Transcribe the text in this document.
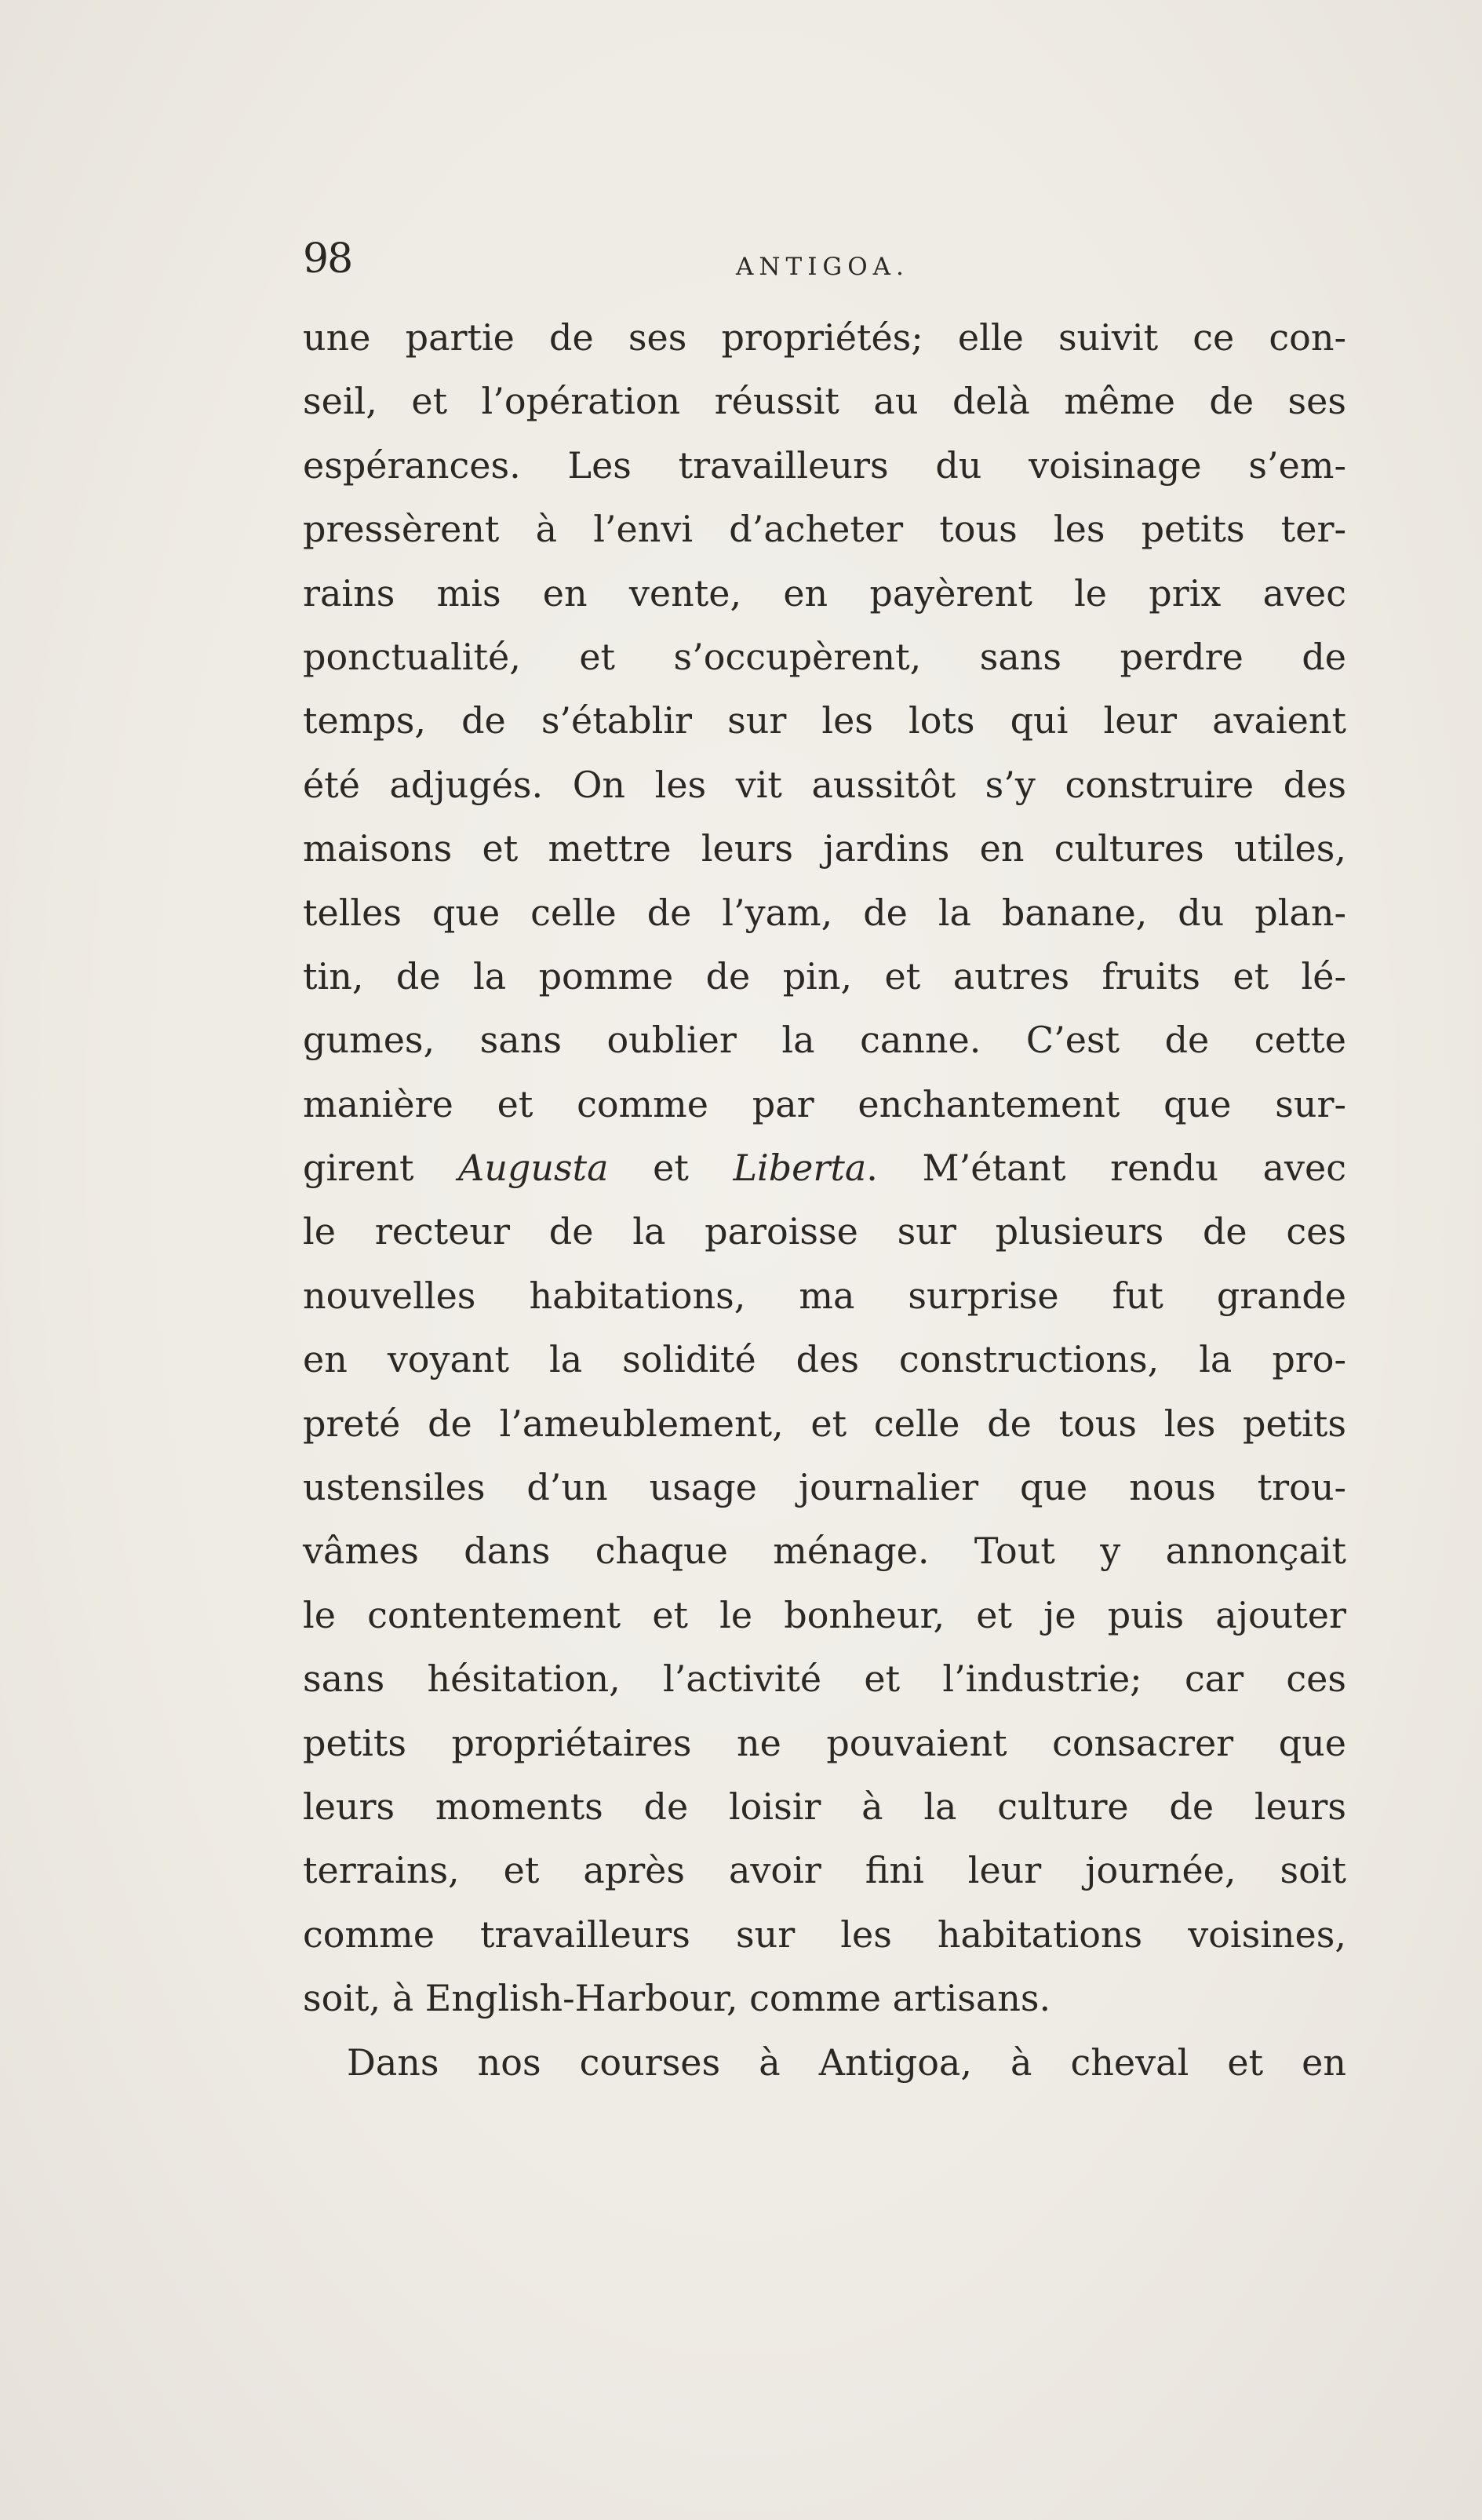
98	ANTIGOA.
une partie de ses propriétés; elle suivit ce con-
seil, et l’opération réussit au delà même de ses
espérances. Les travailleurs du voisinage s’em-
pressèrent à l’envi d’acheter tous les petits ter-
rains mis en vente, en payèrent le prix avec
ponctualité, et s’occupèrent, sans perdre de
temps, de s’établir sur les lots qui leur avaient
été adjugés. On les vit aussitôt s’y construire des
maisons et mettre leurs jardins en cultures utiles,
telles que celle de l’yam, de la banane, du plan-
tin, de la pomme de pin, et autres fruits et lé-
gumes, sans oublier la canne. C’est de cette
manière et comme par enchantement que sur-
girent Augusta et Liberta. M’étant rendu avec
le recteur de la paroisse sur plusieurs de ces
nouvelles habitations, ma surprise fut grande
en voyant la solidité des constructions, la pro-
preté de l’ameublement, et celle de tous les petits
ustensiles d’un usage journalier que nous trou-
vâmes dans chaque ménage. Tout y annonçait
le contentement et le bonheur, et je puis ajouter
sans hésitation, l’activité et l’industrie; car ces
petits propriétaires ne pouvaient consacrer que
leurs moments de loisir à la culture de leurs
terrains, et après avoir fini leur journée, soit
comme travailleurs sur les habitations voisines,
soit, à English-Harbour, comme artisans.
Dans nos courses à Antigoa, à cheval et en
